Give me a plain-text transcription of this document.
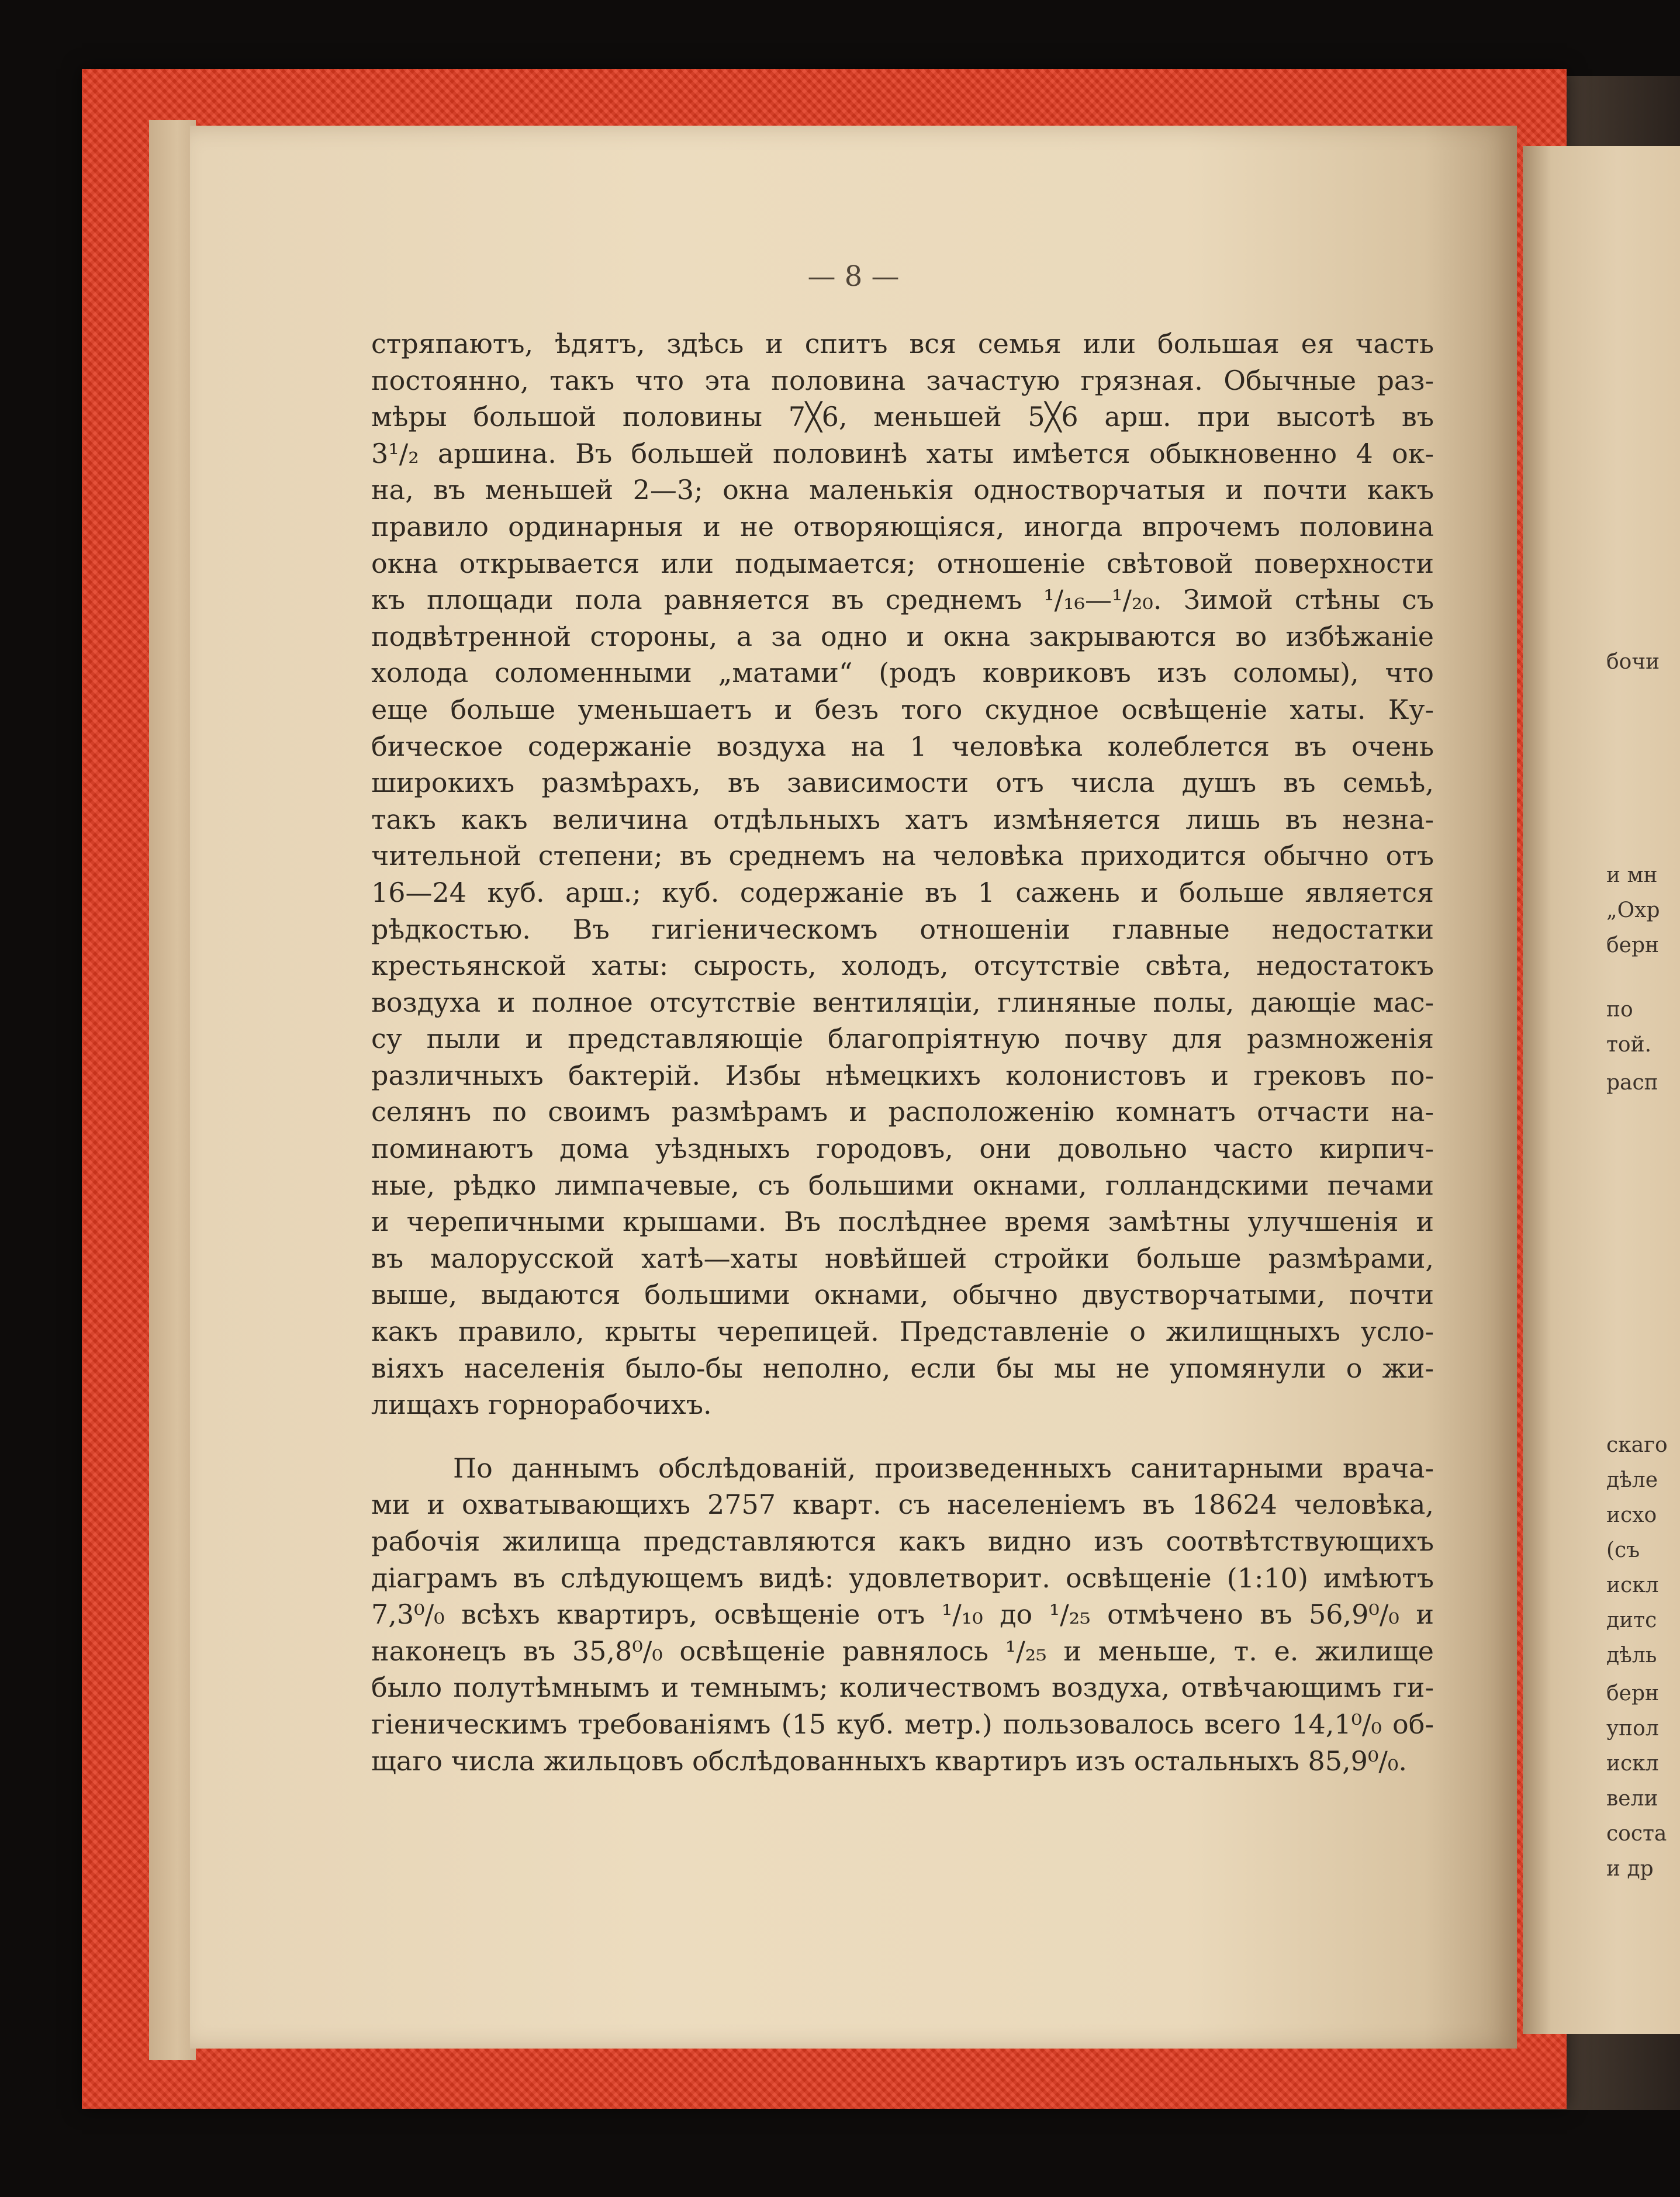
бочи
и мн
„Охр
берн
по
той.
расп
скаго
дѣле
исхо
(съ
искл
дитс
дѣль
берн
упол
искл
вели
соста
и др
— 8 —
стряпаютъ, ѣдятъ, здѣсь и спитъ вся семья или большая ея часть
постоянно, такъ что эта половина зачастую грязная. Обычные раз-
мѣры большой половины 7╳6, меньшей 5╳6 арш. при высотѣ въ
3¹/₂ аршина. Въ большей половинѣ хаты имѣется обыкновенно 4 ок-
на, въ меньшей 2—3; окна маленькія одностворчатыя и почти какъ
правило ординарныя и не отворяющіяся, иногда впрочемъ половина
окна открывается или подымается; отношеніе свѣтовой поверхности
къ площади пола равняется въ среднемъ ¹/₁₆—¹/₂₀. Зимой стѣны съ
подвѣтренной стороны, а за одно и окна закрываются во избѣжаніе
холода соломенными „матами“ (родъ ковриковъ изъ соломы), что
еще больше уменьшаетъ и безъ того скудное освѣщеніе хаты. Ку-
бическое содержаніе воздуха на 1 человѣка колеблется въ очень
широкихъ размѣрахъ, въ зависимости отъ числа душъ въ семьѣ,
такъ какъ величина отдѣльныхъ хатъ измѣняется лишь въ незна-
чительной степени; въ среднемъ на человѣка приходится обычно отъ
16—24 куб. арш.; куб. содержаніе въ 1 сажень и больше является
рѣдкостью. Въ гигіеническомъ отношеніи главные недостатки
крестьянской хаты: сырость, холодъ, отсутствіе свѣта, недостатокъ
воздуха и полное отсутствіе вентиляціи, глиняные полы, дающіе мас-
су пыли и представляющіе благопріятную почву для размноженія
различныхъ бактерій. Избы нѣмецкихъ колонистовъ и грековъ по-
селянъ по своимъ размѣрамъ и расположенію комнатъ отчасти на-
поминаютъ дома уѣздныхъ городовъ, они довольно часто кирпич-
ные, рѣдко лимпачевые, съ большими окнами, голландскими печами
и черепичными крышами. Въ послѣднее время замѣтны улучшенія и
въ малорусской хатѣ—хаты новѣйшей стройки больше размѣрами,
выше, выдаются большими окнами, обычно двустворчатыми, почти
какъ правило, крыты черепицей. Представленіе о жилищныхъ усло-
віяхъ населенія было-бы неполно, если бы мы не упомянули о жи-
лищахъ горнорабочихъ.
По даннымъ обслѣдованій, произведенныхъ санитарными врача-
ми и охватывающихъ 2757 кварт. съ населеніемъ въ 18624 человѣка,
рабочія жилища представляются какъ видно изъ соотвѣтствующихъ
діаграмъ въ слѣдующемъ видѣ: удовлетворит. освѣщеніе (1:10) имѣютъ
7,3⁰/₀ всѣхъ квартиръ, освѣщеніе отъ ¹/₁₀ до ¹/₂₅ отмѣчено въ 56,9⁰/₀ и
наконецъ въ 35,8⁰/₀ освѣщеніе равнялось ¹/₂₅ и меньше, т. е. жилище
было полутѣмнымъ и темнымъ; количествомъ воздуха, отвѣчающимъ ги-
гіеническимъ требованіямъ (15 куб. метр.) пользовалось всего 14,1⁰/₀ об-
щаго числа жильцовъ обслѣдованныхъ квартиръ изъ остальныхъ 85,9⁰/₀.
